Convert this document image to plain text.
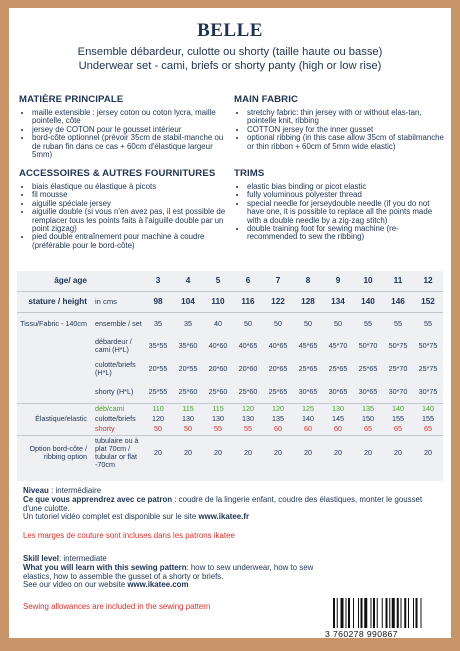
BELLE
Ensemble débardeur, culotte ou shorty (taille haute ou basse)
Underwear set - cami, briefs or shorty panty (high or low rise)
MATIÈRE PRINCIPALE
• maille extensible : jersey coton ou coton lycra, maille pointelle, côte
• jersey de COTON pour le gousset intérieur
• bord-côte optionnel (prévoir 35cm de stabil-manche ou de ruban fin dans ce cas + 60cm d'élastique largeur 5mm)
MAIN FABRIC
• stretchy fabric: thin jersey with or without elas-tan, pointelle knit, ribbing
• COTTON jersey for the inner gusset
• optional ribbing (in this case allow 35cm of stabilmanche or thin ribbon + 60cm of 5mm wide elastic)
ACCESSOIRES & AUTRES FOURNITURES
• biais élastique ou élastique à picots
• fil mousse
• aiguille spéciale jersey
• aiguille double (si vous n'en avez pas, il est possible de remplacer tous les points faits à l'aiguille double par un point zigzag)
• pied double entraînement pour machine à coudre (préférable pour le bord-côte)
TRIMS
• elastic bias binding or picot elastic
• fully voluminous polyester thread
• special needle for jerseydouble needle (if you do not have one, it is possible to replace all the points made with a double needle by a zig-zag stitch)
• double training foot for sewing machine (re-recommended to sew the ribbing)
âge/ age		3	4	5	6	7	8	9	10	11	12
stature / height	in cms	98	104	110	116	122	128	134	140	146	152
Tissu/Fabric - 140cm	ensemble / set	35	35	40	50	50	50	50	55	55	55
	débardeur / cami (H*L)	35*55	35*60	40*60	40*65	40*65	45*65	45*70	50*70	50*75	50*75
	culotte/briefs (H*L)	20*55	20*55	20*60	20*60	20*65	25*65	25*65	25*65	25*70	25*75
	shorty (H*L)	25*55	25*60	25*60	25*60	25*65	30*65	30*65	30*65	30*70	30*75
	déb/cami	110	115	115	120	120	125	130	135	140	140
Élastique/elastic	culotte/briefs	120	130	130	130	135	140	145	150	155	155
	shorty	50	50	55	55	60	60	60	65	65	65
Option bord-côte / ribbing option	tubulaire ou à plat 70cm / tubular or flat -70cm	20	20	20	20	20	20	20	20	20	20
Niveau : intermédiaire
Ce que vous apprendrez avec ce patron : coudre de la lingerie enfant, coudre des élastiques, monter le gousset d'une culotte.
Un tutoriel vidéo complet est disponible sur le site www.ikatee.fr
Les marges de couture sont incluses dans les patrons ikatee
Skill level: intermediate
What you will learn with this sewing pattern: how to sew underwear, how to sew elastics, how to assemble the gusset of a shorty or briefs.
See our video on our website www.ikatee.com
Sewing allowances are included in the sewing pattern
3 760278 990867
